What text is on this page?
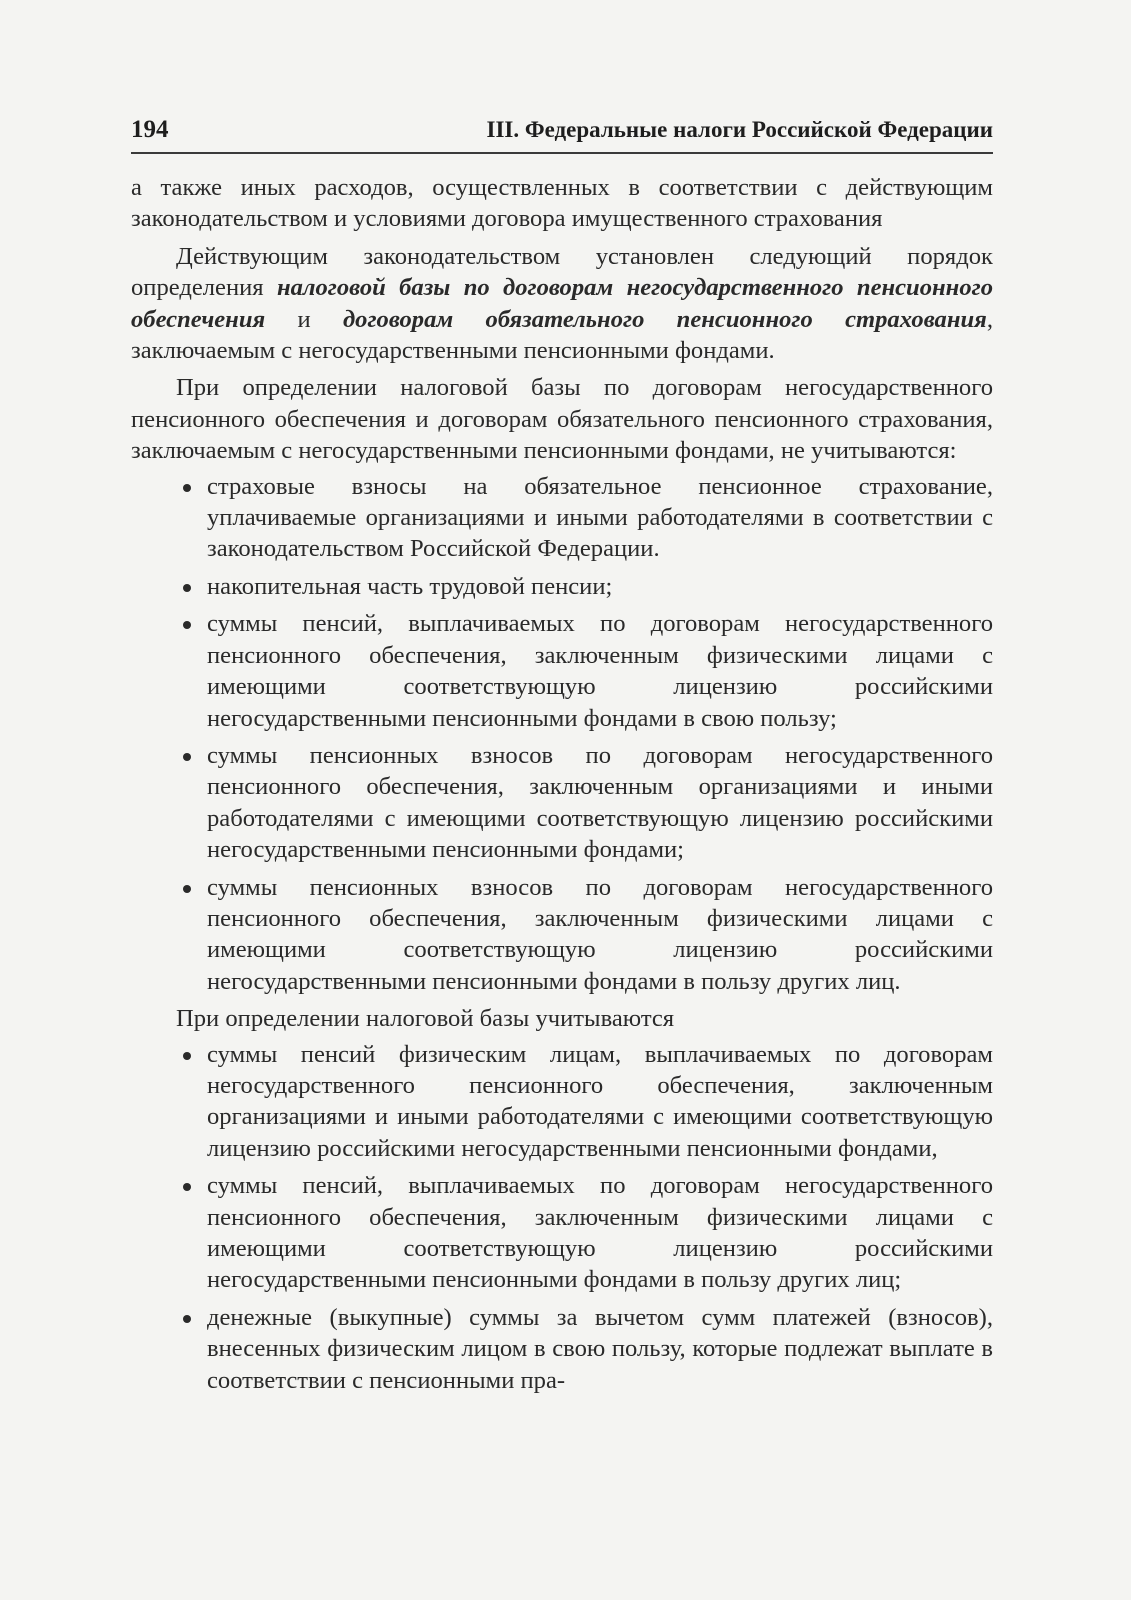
194	III. Федеральные налоги Российской Федерации

а также иных расходов, осуществленных в соответствии с действующим законодательством и условиями договора имущественного страхования

Действующим законодательством установлен следующий порядок определения налоговой базы по договорам негосударственного пенсионного обеспечения и договорам обязательного пенсионного страхования, заключаемым с негосударственными пенсионными фондами.

При определении налоговой базы по договорам негосударственного пенсионного обеспечения и договорам обязательного пенсионного страхования, заключаемым с негосударственными пенсионными фондами, не учитываются:

страховые взносы на обязательное пенсионное страхование, уплачиваемые организациями и иными работодателями в соответствии с законодательством Российской Федерации.
накопительная часть трудовой пенсии;
суммы пенсий, выплачиваемых по договорам негосударственного пенсионного обеспечения, заключенным физическими лицами с имеющими соответствующую лицензию российскими негосударственными пенсионными фондами в свою пользу;
суммы пенсионных взносов по договорам негосударственного пенсионного обеспечения, заключенным организациями и иными работодателями с имеющими соответствующую лицензию российскими негосударственными пенсионными фондами;
суммы пенсионных взносов по договорам негосударственного пенсионного обеспечения, заключенным физическими лицами с имеющими соответствующую лицензию российскими негосударственными пенсионными фондами в пользу других лиц.

При определении налоговой базы учитываются

суммы пенсий физическим лицам, выплачиваемых по договорам негосударственного пенсионного обеспечения, заключенным организациями и иными работодателями с имеющими соответствующую лицензию российскими негосударственными пенсионными фондами,
суммы пенсий, выплачиваемых по договорам негосударственного пенсионного обеспечения, заключенным физическими лицами с имеющими соответствующую лицензию российскими негосударственными пенсионными фондами в пользу других лиц;
денежные (выкупные) суммы за вычетом сумм платежей (взносов), внесенных физическим лицом в свою пользу, которые подлежат выплате в соответствии с пенсионными пра-
